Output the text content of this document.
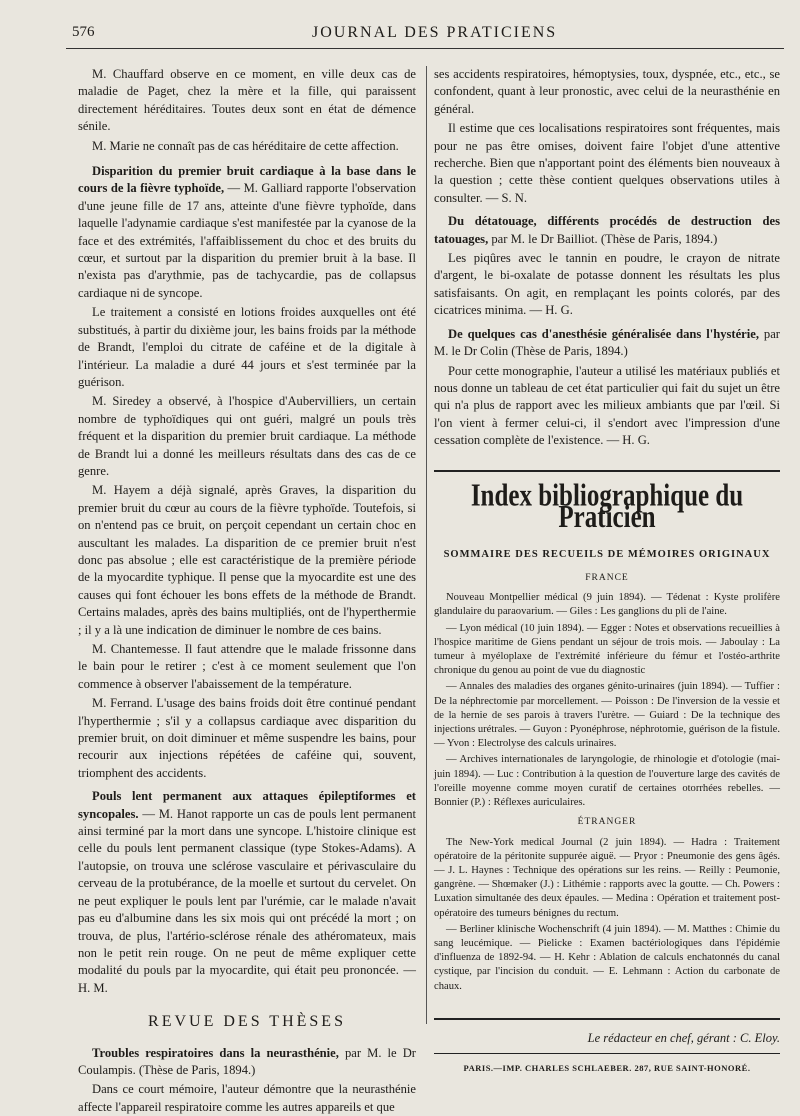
576	JOURNAL DES PRATICIENS

M. Chauffard observe en ce moment, en ville deux cas de maladie de Paget, chez la mère et la fille, qui paraissent directement héréditaires. Toutes deux sont en état de démence sénile.

M. Marie ne connaît pas de cas héréditaire de cette affection.

Disparition du premier bruit cardiaque à la base dans le cours de la fièvre typhoïde, — M. Galliard rapporte l'observation d'une jeune fille de 17 ans, atteinte d'une fièvre typhoïde, dans laquelle l'adynamie cardiaque s'est manifestée par la cyanose de la face et des extrémités, l'affaiblissement du choc et des bruits du cœur, et surtout par la disparition du premier bruit à la base. Il n'exista pas d'arythmie, pas de tachycardie, pas de collapsus cardiaque ni de syncope.

Le traitement a consisté en lotions froides auxquelles ont été substitués, à partir du dixième jour, les bains froids par la méthode de Brandt, l'emploi du citrate de caféine et de la digitale à l'intérieur. La maladie a duré 44 jours et s'est terminée par la guérison.

M. Siredey a observé, à l'hospice d'Aubervilliers, un certain nombre de typhoïdiques qui ont guéri, malgré un pouls très fréquent et la disparition du premier bruit cardiaque. La méthode de Brandt lui a donné les meilleurs résultats dans des cas de ce genre.

M. Hayem a déjà signalé, après Graves, la disparition du premier bruit du cœur au cours de la fièvre typhoïde. Toutefois, si on n'entend pas ce bruit, on perçoit cependant un certain choc en auscultant les malades. La disparition de ce premier bruit n'est donc pas absolue ; elle est caractéristique de la première période de la myocardite typhique. Il pense que la myocardite est une des causes qui font échouer les bons effets de la méthode de Brandt. Certains malades, après des bains multipliés, ont de l'hyperthermie ; il y a là une indication de diminuer le nombre de ces bains.

M. Chantemesse. Il faut attendre que le malade frissonne dans le bain pour le retirer ; c'est à ce moment seulement que l'on commence à observer l'abaissement de la température.

M. Ferrand. L'usage des bains froids doit être continué pendant l'hyperthermie ; s'il y a collapsus cardiaque avec disparition du premier bruit, on doit diminuer et même suspendre les bains, pour recourir aux injections répétées de caféine qui, souvent, triomphent des accidents.

Pouls lent permanent aux attaques épileptiformes et syncopales. — M. Hanot rapporte un cas de pouls lent permanent ainsi terminé par la mort dans une syncope. L'histoire clinique est celle du pouls lent permanent classique (type Stokes-Adams). A l'autopsie, on trouva une sclérose vasculaire et périvasculaire du cerveau de la protubérance, de la moelle et surtout du cervelet. On ne peut expliquer le pouls lent par l'urémie, car le malade n'avait pas eu d'albumine dans les six mois qui ont précédé la mort ; on trouva, de plus, l'artério-sclérose rénale des athéromateux, mais non le petit rein rouge. On ne peut de même expliquer cette modalité du pouls par la myocardite, qui était peu prononcée. — H. M.

REVUE DES THÈSES

Troubles respiratoires dans la neurasthénie, par M. le Dr Coulampis. (Thèse de Paris, 1894.)

Dans ce court mémoire, l'auteur démontre que la neurasthénie affecte l'appareil respiratoire comme les autres appareils et que

ses accidents respiratoires, hémoptysies, toux, dyspnée, etc., etc., se confondent, quant à leur pronostic, avec celui de la neurasthénie en général.

Il estime que ces localisations respiratoires sont fréquentes, mais pour ne pas être omises, doivent faire l'objet d'une attentive recherche. Bien que n'apportant point des éléments bien nouveaux à la question ; cette thèse contient quelques observations utiles à consulter. — S. N.

Du détatouage, différents procédés de destruction des tatouages, par M. le Dr Bailliot. (Thèse de Paris, 1894.)

Les piqûres avec le tannin en poudre, le crayon de nitrate d'argent, le bi-oxalate de potasse donnent les résultats les plus satisfaisants. On agit, en remplaçant les points colorés, par des cicatrices minima. — H. G.

De quelques cas d'anesthésie généralisée dans l'hystérie, par M. le Dr Colin (Thèse de Paris, 1894.)

Pour cette monographie, l'auteur a utilisé les matériaux publiés et nous donne un tableau de cet état particulier qui fait du sujet un être qui n'a plus de rapport avec les milieux ambiants que par l'œil. Si l'on vient à fermer celui-ci, il s'endort avec l'impression d'une cessation complète de l'existence. — H. G.

Index bibliographique du Praticien
SOMMAIRE DES RECUEILS DE MÉMOIRES ORIGINAUX
FRANCE

Nouveau Montpellier médical (9 juin 1894). — Tédenat : Kyste prolifère glandulaire du paraovarium. — Giles : Les ganglions du pli de l'aine.

— Lyon médical (10 juin 1894). — Egger : Notes et observations recueillies à l'hospice maritime de Giens pendant un séjour de trois mois. — Jaboulay : La tumeur à myéloplaxe de l'extrémité inférieure du fémur et l'ostéo-arthrite chronique du genou au point de vue du diagnostic

— Annales des maladies des organes génito-urinaires (juin 1894). — Tuffier : De la néphrectomie par morcellement. — Poisson : De l'inversion de la vessie et de la hernie de ses parois à travers l'urètre. — Guiard : De la technique des injections urétrales. — Guyon : Pyonéphrose, néphrotomie, guérison de la fistule. — Yvon : Electrolyse des calculs urinaires.

— Archives internationales de laryngologie, de rhinologie et d'otologie (mai-juin 1894). — Luc : Contribution à la question de l'ouverture large des cavités de l'oreille moyenne comme moyen curatif de certaines otorrhées rebelles. — Bonnier (P.) : Réflexes auriculaires.

ÉTRANGER

The New-York medical Journal (2 juin 1894). — Hadra : Traitement opératoire de la péritonite suppurée aiguë. — Pryor : Pneumonie des gens âgés. — J. L. Haynes : Technique des opérations sur les reins. — Reilly : Peumonie, gangrène. — Shœmaker (J.) : Lithémie : rapports avec la goutte. — Ch. Powers : Luxation simultanée des deux épaules. — Medina : Opération et traitement post-opératoire des tumeurs bénignes du rectum.

— Berliner klinische Wochenschrift (4 juin 1894). — M. Matthes : Chimie du sang leucémique. — Pielicke : Examen bactériologiques dans l'épidémie d'influenza de 1892-94. — H. Kehr : Ablation de calculs enchatonnés du canal cystique, par l'incision du conduit. — E. Lehmann : Action du carbonate de chaux.

Le rédacteur en chef, gérant : C. Eloy.
PARIS.—IMP. CHARLES SCHLAEBER. 287, RUE SAINT-HONORÉ.
